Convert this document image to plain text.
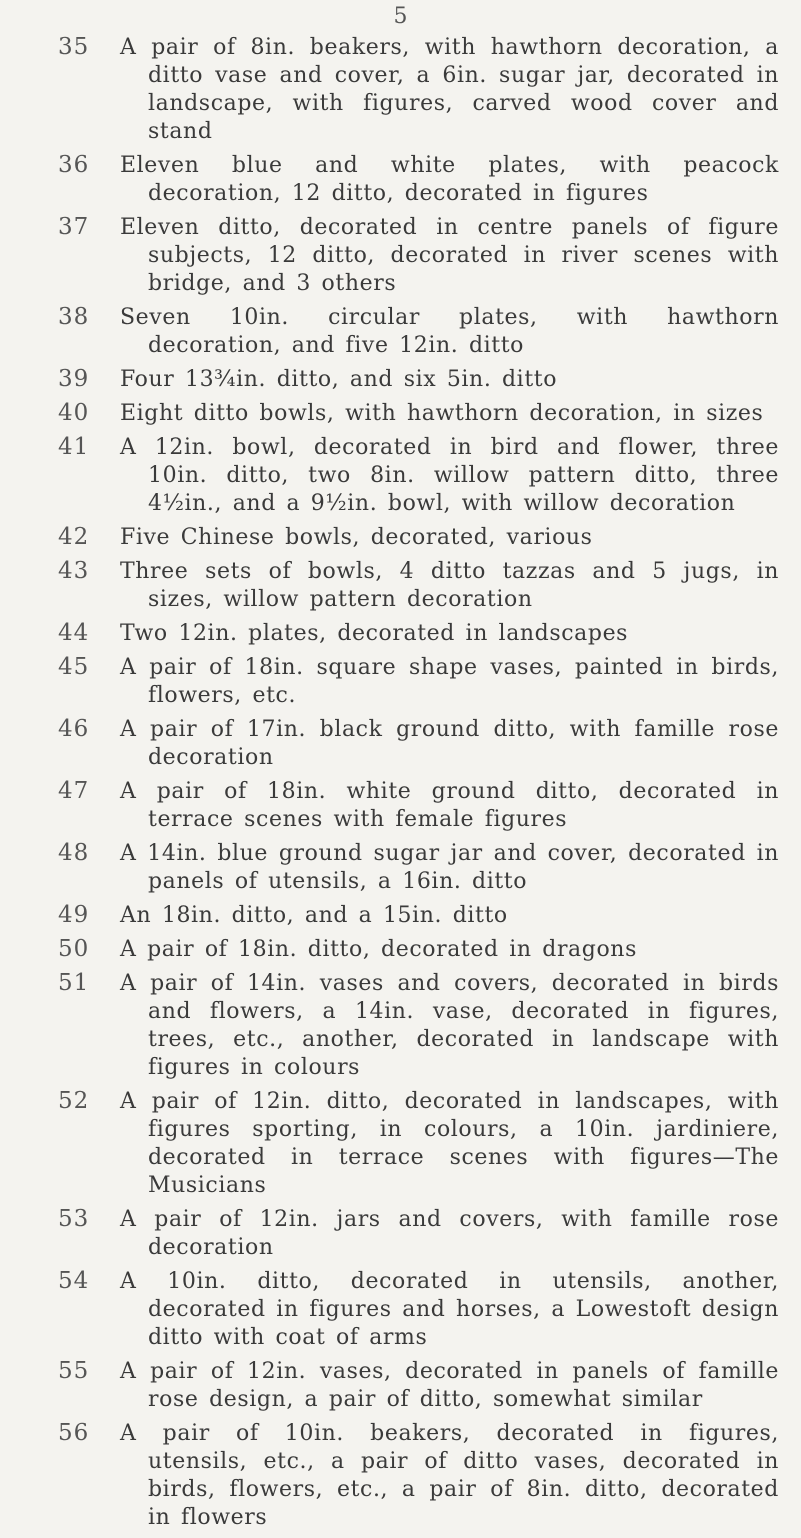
5
35	A pair of 8in. beakers, with hawthorn decoration, a ditto vase and cover, a 6in. sugar jar, decorated in landscape, with figures, carved wood cover and stand
36	Eleven blue and white plates, with peacock decoration, 12 ditto, decorated in figures
37	Eleven ditto, decorated in centre panels of figure subjects, 12 ditto, decorated in river scenes with bridge, and 3 others
38	Seven 10in. circular plates, with hawthorn decoration, and five 12in. ditto
39	Four 13¾in. ditto, and six 5in. ditto
40	Eight ditto bowls, with hawthorn decoration, in sizes
41	A 12in. bowl, decorated in bird and flower, three 10in. ditto, two 8in. willow pattern ditto, three 4½in., and a 9½in. bowl, with willow decoration
42	Five Chinese bowls, decorated, various
43	Three sets of bowls, 4 ditto tazzas and 5 jugs, in sizes, willow pattern decoration
44	Two 12in. plates, decorated in landscapes
45	A pair of 18in. square shape vases, painted in birds, flowers, etc.
46	A pair of 17in. black ground ditto, with famille rose decoration
47	A pair of 18in. white ground ditto, decorated in terrace scenes with female figures
48	A 14in. blue ground sugar jar and cover, decorated in panels of utensils, a 16in. ditto
49	An 18in. ditto, and a 15in. ditto
50	A pair of 18in. ditto, decorated in dragons
51	A pair of 14in. vases and covers, decorated in birds and flowers, a 14in. vase, decorated in figures, trees, etc., another, decorated in landscape with figures in colours
52	A pair of 12in. ditto, decorated in landscapes, with figures sporting, in colours, a 10in. jardiniere, decorated in terrace scenes with figures—The Musicians
53	A pair of 12in. jars and covers, with famille rose decoration
54	A 10in. ditto, decorated in utensils, another, decorated in figures and horses, a Lowestoft design ditto with coat of arms
55	A pair of 12in. vases, decorated in panels of famille rose design, a pair of ditto, somewhat similar
56	A pair of 10in. beakers, decorated in figures, utensils, etc., a pair of ditto vases, decorated in birds, flowers, etc., a pair of 8in. ditto, decorated in flowers
